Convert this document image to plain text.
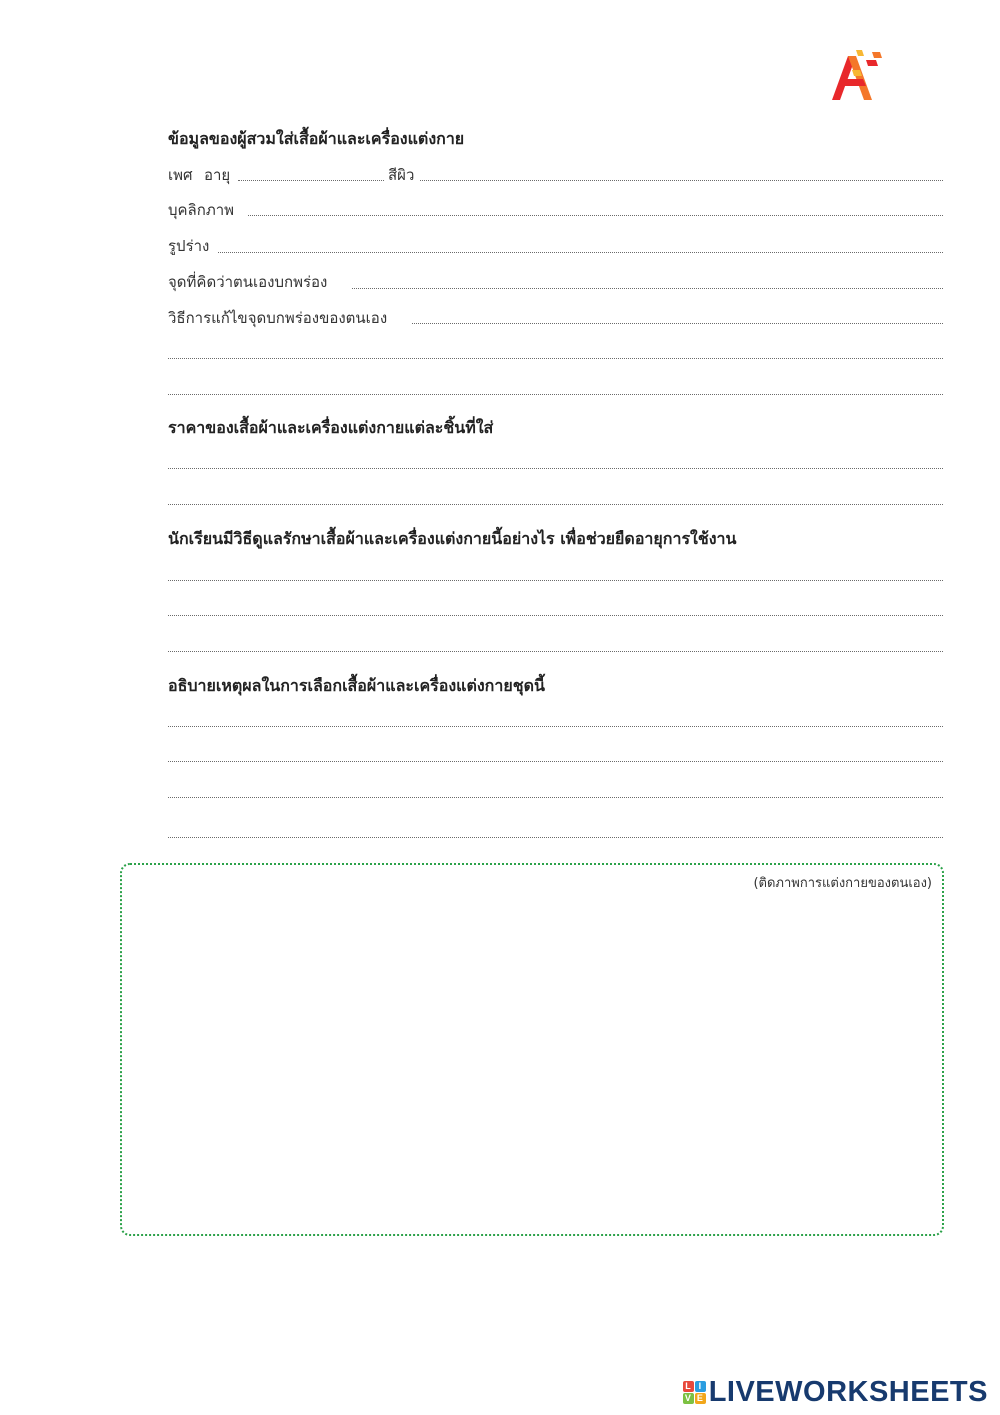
ข้อมูลของผู้สวมใส่เสื้อผ้าและเครื่องแต่งกาย
เพศ อายุ	สีผิว
บุคลิกภาพ
รูปร่าง
จุดที่คิดว่าตนเองบกพร่อง
วิธีการแก้ไขจุดบกพร่องของตนเอง
ราคาของเสื้อผ้าและเครื่องแต่งกายแต่ละชิ้นที่ใส่
นักเรียนมีวิธีดูแลรักษาเสื้อผ้าและเครื่องแต่งกายนี้อย่างไร เพื่อช่วยยืดอายุการใช้งาน
อธิบายเหตุผลในการเลือกเสื้อผ้าและเครื่องแต่งกายชุดนี้
(ติดภาพการแต่งกายของตนเอง)
L I
V E LIVEWORKSHEETS
